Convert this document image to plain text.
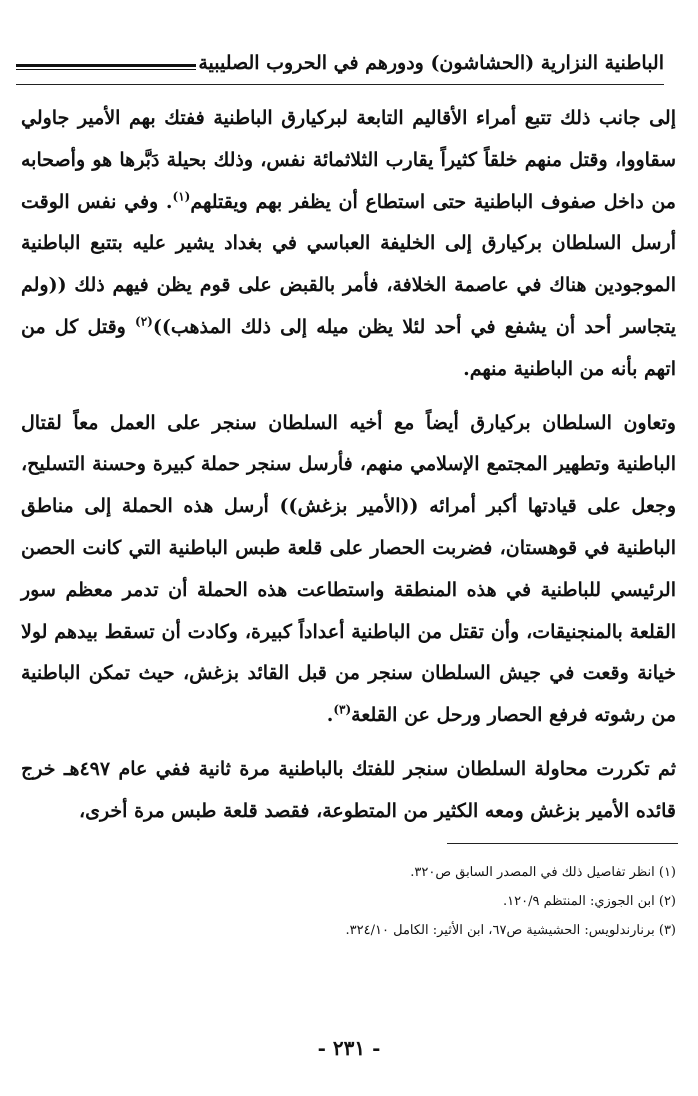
الباطنية النزارية (الحشاشون) ودورهم في الحروب الصليبية

إلى جانب ذلك تتبع أمراء الأقاليم التابعة لبركيارق الباطنية ففتك بهم الأمير جاولي سقاووا، وقتل منهم خلقاً كثيراً يقارب الثلاثمائة نفس، وذلك بحيلة دَبَّرها هو وأصحابه من داخل صفوف الباطنية حتى استطاع أن يظفر بهم ويقتلهم$^{(١)}$. وفي نفس الوقت أرسل السلطان بركيارق إلى الخليفة العباسي في بغداد يشير عليه بتتبع الباطنية الموجودين هناك في عاصمة الخلافة، فأمر بالقبض على قوم يظن فيهم ذلك ((ولم يتجاسر أحد أن يشفع في أحد لئلا يظن ميله إلى ذلك المذهب))$^{(٢)}$ وقتل كل من اتهم بأنه من الباطنية منهم.

وتعاون السلطان بركيارق أيضاً مع أخيه السلطان سنجر على العمل معاً لقتال الباطنية وتطهير المجتمع الإسلامي منهم، فأرسل سنجر حملة كبيرة وحسنة التسليح، وجعل على قيادتها أكبر أمرائه ((الأمير بزغش)) أرسل هذه الحملة إلى مناطق الباطنية في قوهستان، فضربت الحصار على قلعة طبس الباطنية التي كانت الحصن الرئيسي للباطنية في هذه المنطقة واستطاعت هذه الحملة أن تدمر معظم سور القلعة بالمنجنيقات، وأن تقتل من الباطنية أعداداً كبيرة، وكادت أن تسقط بيدهم لولا خيانة وقعت في جيش السلطان سنجر من قبل القائد بزغش، حيث تمكن الباطنية من رشوته فرفع الحصار ورحل عن القلعة$^{(٣)}$.

ثم تكررت محاولة السلطان سنجر للفتك بالباطنية مرة ثانية ففي عام ٤٩٧هـ خرج قائده الأمير بزغش ومعه الكثير من المتطوعة، فقصد قلعة طبس مرة أخرى،

(١) انظر تفاصيل ذلك في المصدر السابق ص٣٢٠.

(٢) ابن الجوزي: المنتظم ١٢٠/٩.

(٣) برنارندلويس: الحشيشية ص٦٧، ابن الأثير: الكامل ٣٢٤/١٠.

- ٢٣١ -
